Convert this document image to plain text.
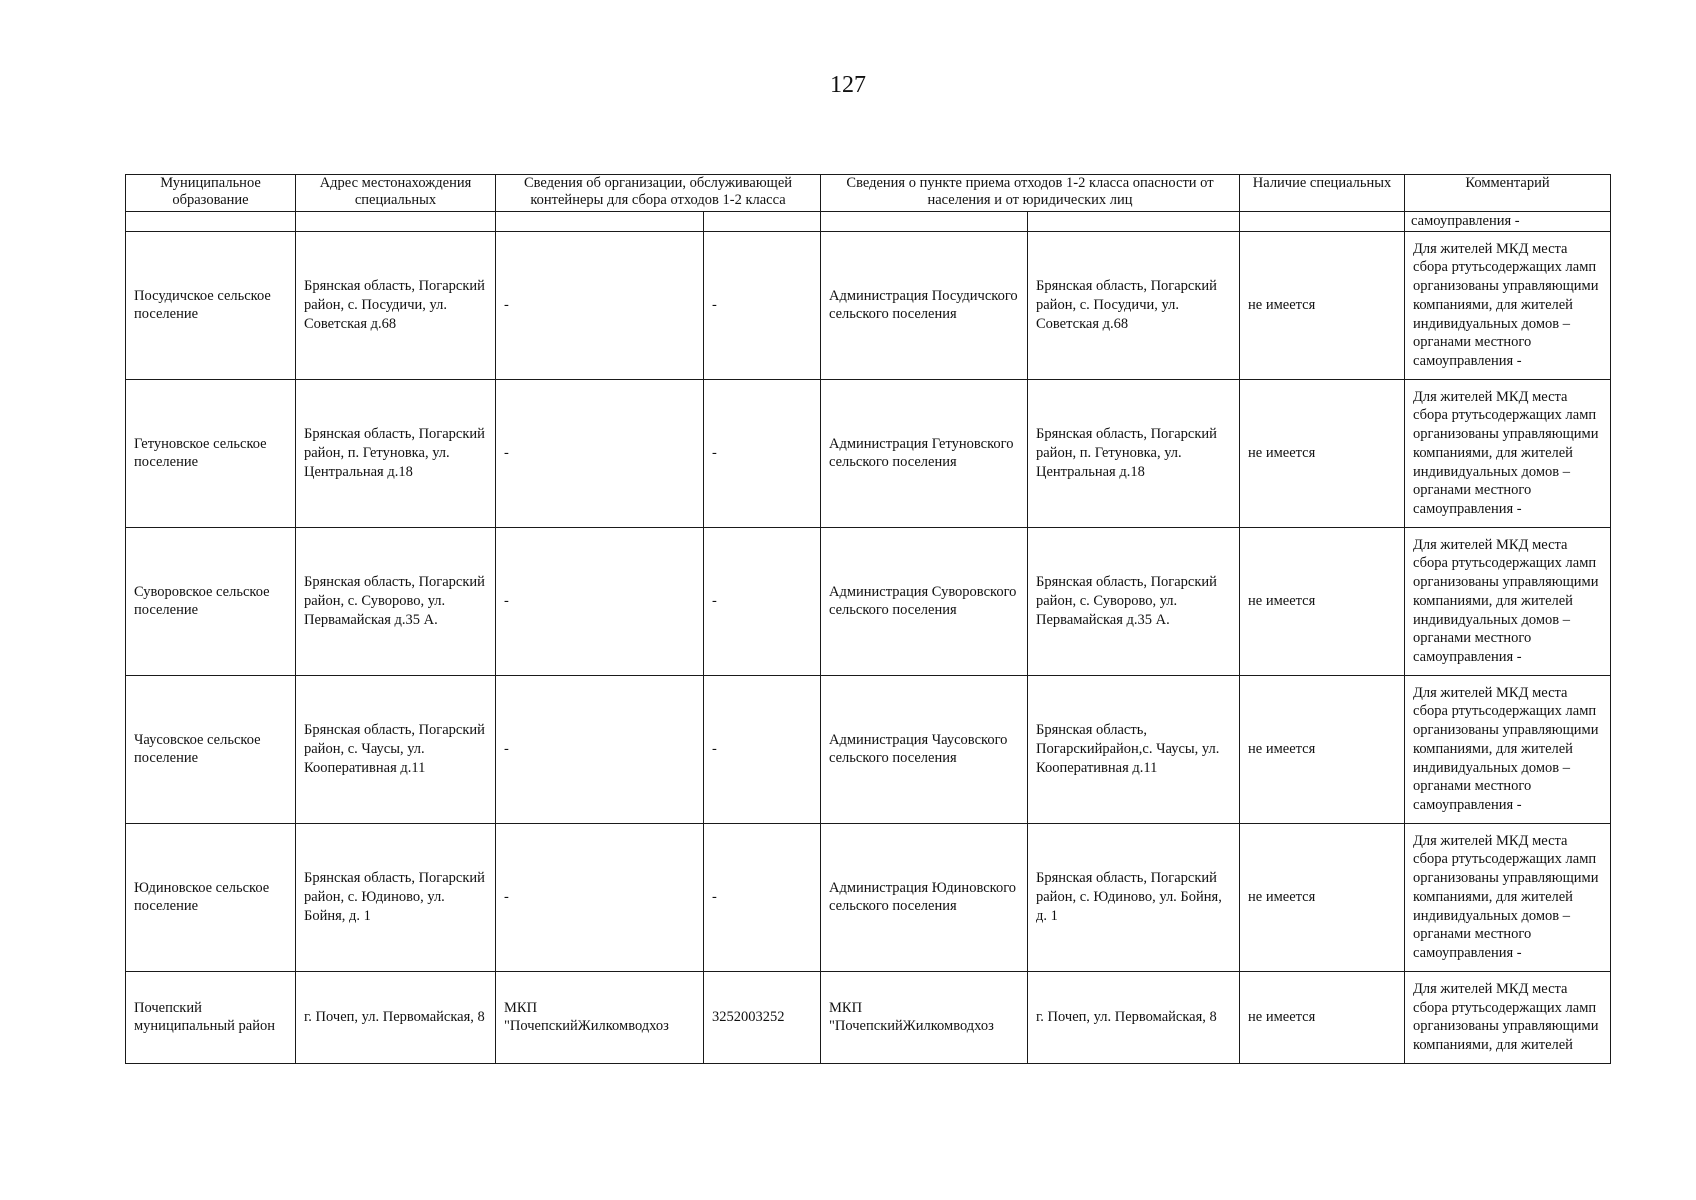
127
Муниципальное образование	Адрес местонахождения специальных	Сведения об организации, обслуживающей контейнеры для сбора отходов 1-2 класса		Сведения о пункте приема отходов 1-2 класса опасности от населения и от юридических лиц		Наличие специальных	Комментарий

							самоуправления -
Посудичское сельское поселение	Брянская область, Погарский район, с. Посудичи, ул. Советская д.68	-	-	Администрация Посудичского сельского поселения	Брянская область, Погарский район, с. Посудичи, ул. Советская д.68	не имеется	Для жителей МКД места сбора ртутьсодержащих ламп организованы управляющими компаниями, для жителей индивидуальных домов – органами местного самоуправления -
Гетуновское сельское поселение	Брянская область, Погарский район, п. Гетуновка, ул. Центральная д.18	-	-	Администрация Гетуновского сельского поселения	Брянская область, Погарский район, п. Гетуновка, ул. Центральная д.18	не имеется	Для жителей МКД места сбора ртутьсодержащих ламп организованы управляющими компаниями, для жителей индивидуальных домов – органами местного самоуправления -
Суворовское сельское поселение	Брянская область, Погарский район, с. Суворово, ул. Первамайская д.35 А.	-	-	Администрация Суворовского сельского поселения	Брянская область, Погарский район, с. Суворово, ул. Первамайская д.35 А.	не имеется	Для жителей МКД места сбора ртутьсодержащих ламп организованы управляющими компаниями, для жителей индивидуальных домов – органами местного самоуправления -
Чаусовское сельское поселение	Брянская область, Погарский район, с. Чаусы, ул. Кооперативная д.11	-	-	Администрация Чаусовского сельского поселения	Брянская область, Погарскийрайон,с. Чаусы, ул. Кооперативная д.11	не имеется	Для жителей МКД места сбора ртутьсодержащих ламп организованы управляющими компаниями, для жителей индивидуальных домов – органами местного самоуправления -
Юдиновское сельское поселение	Брянская область, Погарский район, с. Юдиново, ул. Бойня, д. 1	-	-	Администрация Юдиновского сельского поселения	Брянская область, Погарский район, с. Юдиново, ул. Бойня, д. 1	не имеется	Для жителей МКД места сбора ртутьсодержащих ламп организованы управляющими компаниями, для жителей индивидуальных домов – органами местного самоуправления -
Почепский муниципальный район	г. Почеп, ул. Первомайская, 8	МКП "ПочепскийЖилкомводхоз	3252003252	МКП "ПочепскийЖилкомводхоз	г. Почеп, ул. Первомайская, 8	не имеется	Для жителей МКД места сбора ртутьсодержащих ламп организованы управляющими компаниями, для жителей
